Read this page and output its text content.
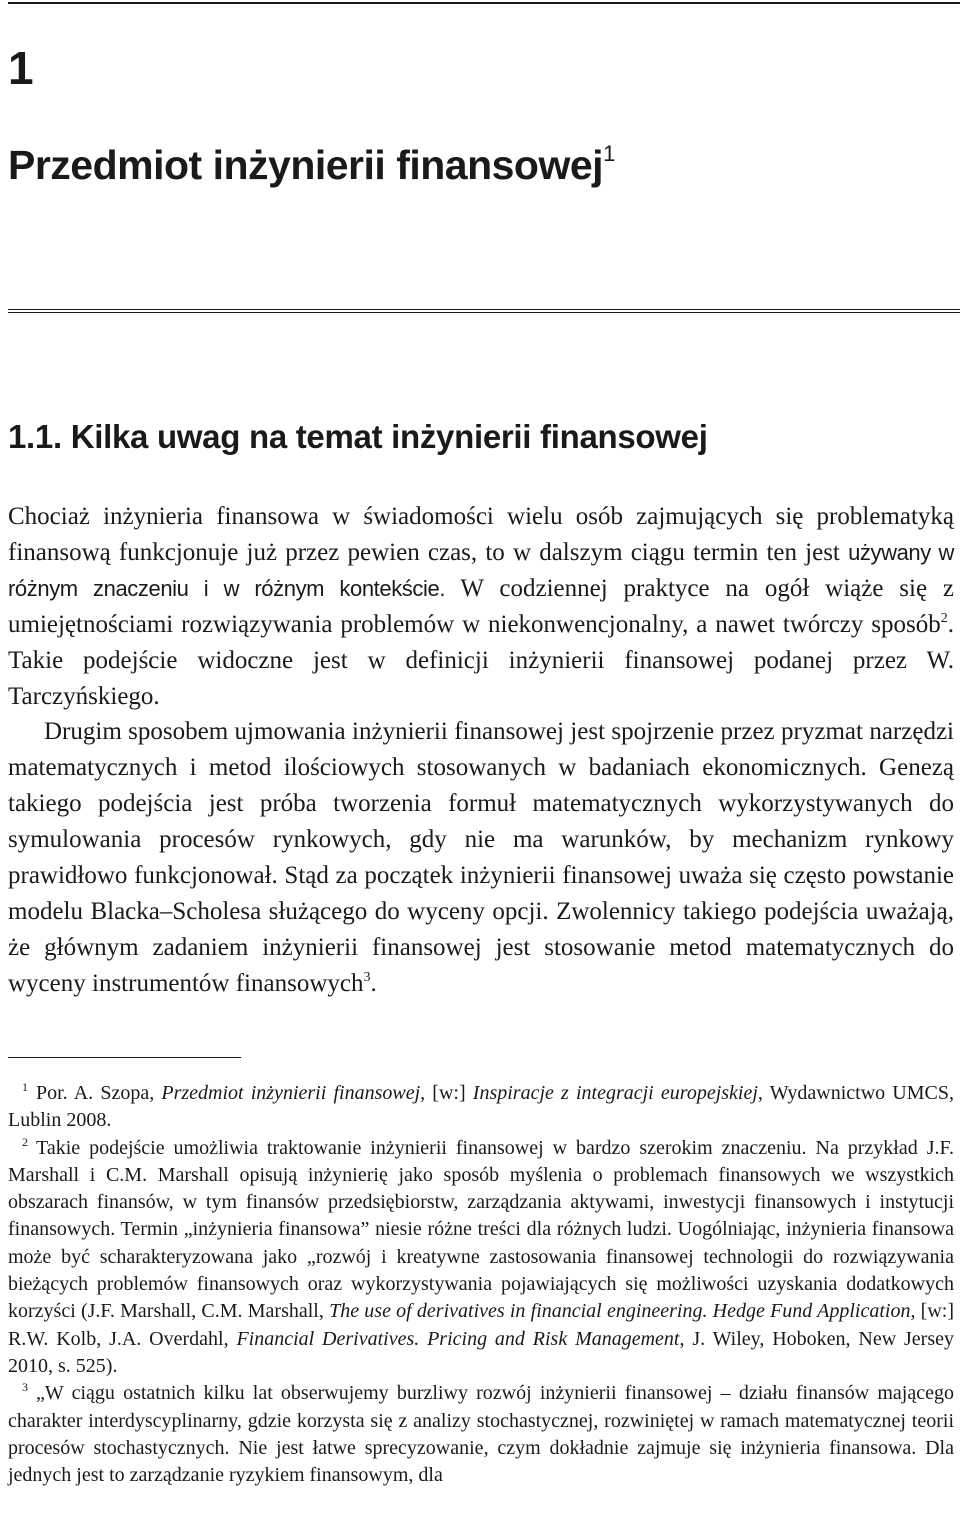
1
Przedmiot inżynierii finansowej$^1$
1.1. Kilka uwag na temat inżynierii finansowej

Chociaż inżynieria finansowa w świadomości wielu osób zajmujących się problematyką finansową funkcjonuje już przez pewien czas, to w dalszym ciągu termin ten jest używany w różnym znaczeniu i w różnym kontekście. W codziennej praktyce na ogół wiąże się z umiejętnościami rozwiązywania problemów w niekonwencjonalny, a nawet twórczy sposób$^2$. Takie podejście widoczne jest w definicji inżynierii finansowej podanej przez W. Tarczyńskiego.

Drugim sposobem ujmowania inżynierii finansowej jest spojrzenie przez pryzmat narzędzi matematycznych i metod ilościowych stosowanych w badaniach ekonomicznych. Genezą takiego podejścia jest próba tworzenia formuł matematycznych wykorzystywanych do symulowania procesów rynkowych, gdy nie ma warunków, by mechanizm rynkowy prawidłowo funkcjonował. Stąd za początek inżynierii finansowej uważa się często powstanie modelu Blacka–Scholesa służącego do wyceny opcji. Zwolennicy takiego podejścia uważają, że głównym zadaniem inżynierii finansowej jest stosowanie metod matematycznych do wyceny instrumentów finansowych$^3$.

$^1$ Por. A. Szopa, Przedmiot inżynierii finansowej, [w:] Inspiracje z integracji europejskiej, Wydawnictwo UMCS, Lublin 2008.

$^2$ Takie podejście umożliwia traktowanie inżynierii finansowej w bardzo szerokim znaczeniu. Na przykład J.F. Marshall i C.M. Marshall opisują inżynierię jako sposób myślenia o problemach finansowych we wszystkich obszarach finansów, w tym finansów przedsiębiorstw, zarządzania aktywami, inwestycji finansowych i instytucji finansowych. Termin „inżynieria finansowa” niesie różne treści dla różnych ludzi. Uogólniając, inżynieria finansowa może być scharakteryzowana jako „rozwój i kreatywne zastosowania finansowej technologii do rozwiązywania bieżących problemów finansowych oraz wykorzystywania pojawiających się możliwości uzyskania dodatkowych korzyści (J.F. Marshall, C.M. Marshall, The use of derivatives in financial engineering. Hedge Fund Application, [w:] R.W. Kolb, J.A. Overdahl, Financial Derivatives. Pricing and Risk Management, J. Wiley, Hoboken, New Jersey 2010, s. 525).

$^3$ „W ciągu ostatnich kilku lat obserwujemy burzliwy rozwój inżynierii finansowej – działu finansów mającego charakter interdyscyplinarny, gdzie korzysta się z analizy stochastycznej, rozwiniętej w ramach matematycznej teorii procesów stochastycznych. Nie jest łatwe sprecyzowanie, czym dokładnie zajmuje się inżynieria finansowa. Dla jednych jest to zarządzanie ryzykiem finansowym, dla
